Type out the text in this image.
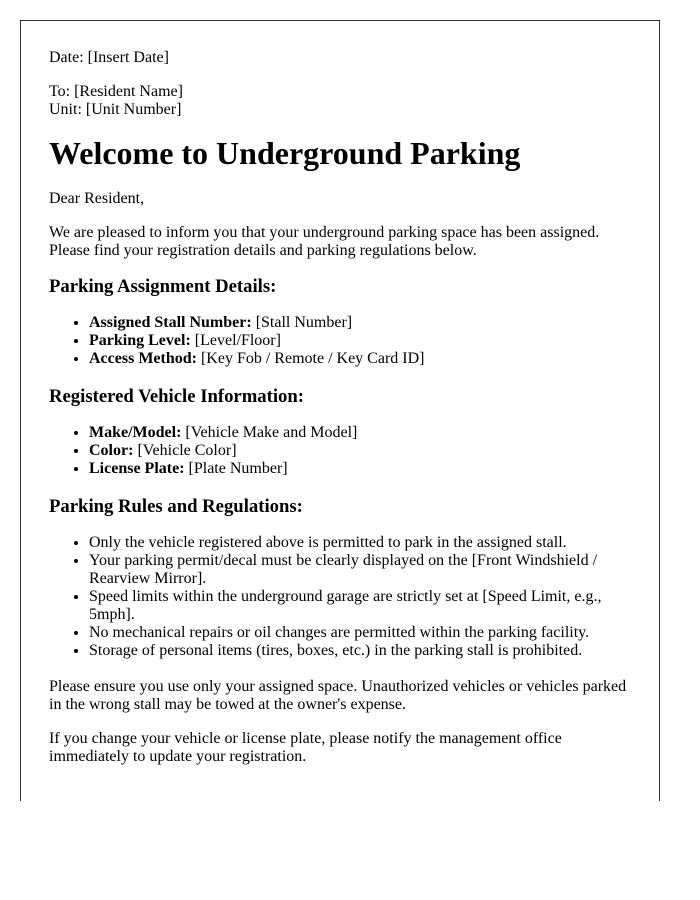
Date: [Insert Date]

To: [Resident Name]
Unit: [Unit Number]
Welcome to Underground Parking

Dear Resident,

We are pleased to inform you that your underground parking space has been assigned. Please find your registration details and parking regulations below.

Parking Assignment Details:
• Assigned Stall Number: [Stall Number]
• Parking Level: [Level/Floor]
• Access Method: [Key Fob / Remote / Key Card ID]
Registered Vehicle Information:
• Make/Model: [Vehicle Make and Model]
• Color: [Vehicle Color]
• License Plate: [Plate Number]
Parking Rules and Regulations:
• Only the vehicle registered above is permitted to park in the assigned stall.
• Your parking permit/decal must be clearly displayed on the [Front Windshield / Rearview Mirror].
• Speed limits within the underground garage are strictly set at [Speed Limit, e.g., 5mph].
• No mechanical repairs or oil changes are permitted within the parking facility.
• Storage of personal items (tires, boxes, etc.) in the parking stall is prohibited.

Please ensure you use only your assigned space. Unauthorized vehicles or vehicles parked in the wrong stall may be towed at the owner's expense.

If you change your vehicle or license plate, please notify the management office immediately to update your registration.
